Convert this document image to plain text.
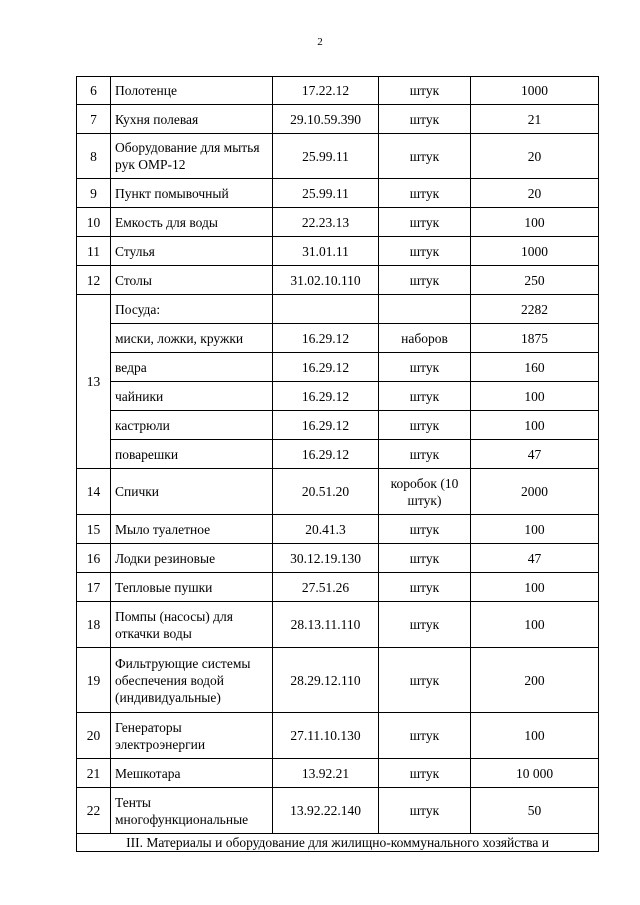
2
6	Полотенце	17.22.12	штук	1000
7	Кухня полевая	29.10.59.390	штук	21
8	Оборудование для мытья рук ОМР-12	25.99.11	штук	20
9	Пункт помывочный	25.99.11	штук	20
10	Емкость для воды	22.23.13	штук	100
11	Стулья	31.01.11	штук	1000
12	Столы	31.02.10.110	штук	250
13	Посуда:			2282
	миски, ложки, кружки	16.29.12	наборов	1875
	ведра	16.29.12	штук	160
	чайники	16.29.12	штук	100
	кастрюли	16.29.12	штук	100
	поварешки	16.29.12	штук	47
14	Спички	20.51.20	коробок (10 штук)	2000
15	Мыло туалетное	20.41.3	штук	100
16	Лодки резиновые	30.12.19.130	штук	47
17	Тепловые пушки	27.51.26	штук	100
18	Помпы (насосы) для откачки воды	28.13.11.110	штук	100
19	Фильтрующие системы обеспечения водой (индивидуальные)	28.29.12.110	штук	200
20	Генераторы электроэнергии	27.11.10.130	штук	100
21	Мешкотара	13.92.21	штук	10 000
22	Тенты многофункциональные	13.92.22.140	штук	50
III. Материалы и оборудование для жилищно-коммунального хозяйства и				
